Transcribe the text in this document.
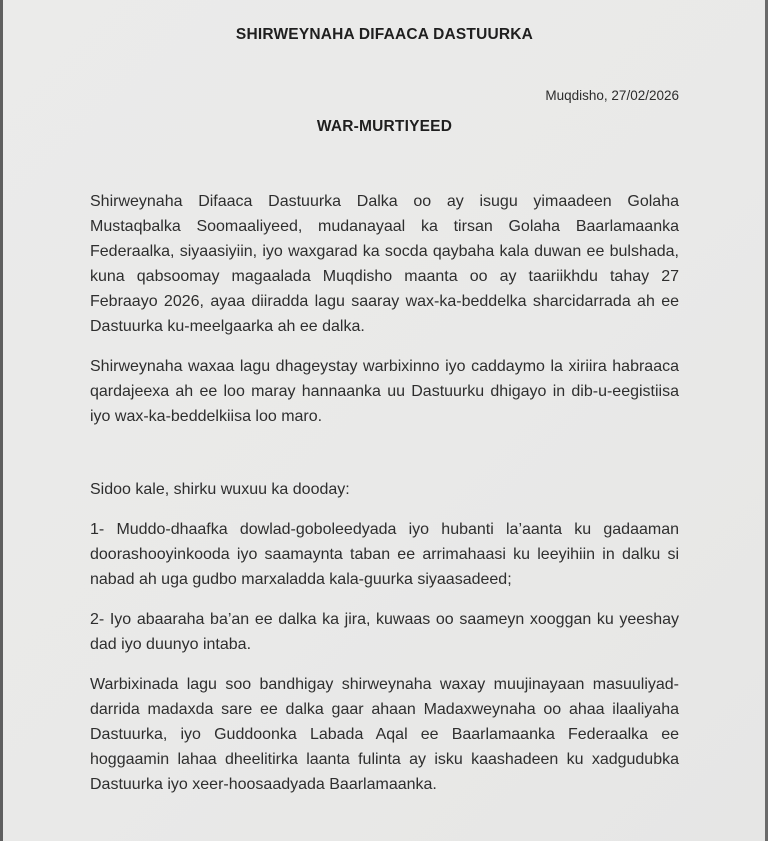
SHIRWEYNAHA DIFAACA DASTUURKA
Muqdisho, 27/02/2026
WAR-MURTIYEED

Shirweynaha Difaaca Dastuurka Dalka oo ay isugu yimaadeen Golaha Mustaqbalka Soomaaliyeed, mudanayaal ka tirsan Golaha Baarlamaanka Federaalka, siyaasiyiin, iyo waxgarad ka socda qaybaha kala duwan ee bulshada, kuna qabsoomay magaalada Muqdisho maanta oo ay taariikhdu tahay 27 Febraayo 2026, ayaa diiradda lagu saaray wax-ka-beddelka sharcidarrada ah ee Dastuurka ku-meelgaarka ah ee dalka.

Shirweynaha waxaa lagu dhageystay warbixinno iyo caddaymo la xiriira habraaca qardajeexa ah ee loo maray hannaanka uu Dastuurku dhigayo in dib-u-eegistiisa iyo wax-ka-beddelkiisa loo maro.

Sidoo kale, shirku wuxuu ka dooday:

1- Muddo-dhaafka dowlad-goboleedyada iyo hubanti la’aanta ku gadaaman doorashooyinkooda iyo saamaynta taban ee arrimahaasi ku leeyihiin in dalku si nabad ah uga gudbo marxaladda kala-guurka siyaasadeed;

2- Iyo abaaraha ba’an ee dalka ka jira, kuwaas oo saameyn xooggan ku yeeshay dad iyo duunyo intaba.

Warbixinada lagu soo bandhigay shirweynaha waxay muujinayaan masuuliyad-darrida madaxda sare ee dalka gaar ahaan Madaxweynaha oo ahaa ilaaliyaha Dastuurka, iyo Guddoonka Labada Aqal ee Baarlamaanka Federaalka ee hoggaamin lahaa dheelitirka laanta fulinta ay isku kaashadeen ku xadgudubka Dastuurka iyo xeer-hoosaadyada Baarlamaanka.
